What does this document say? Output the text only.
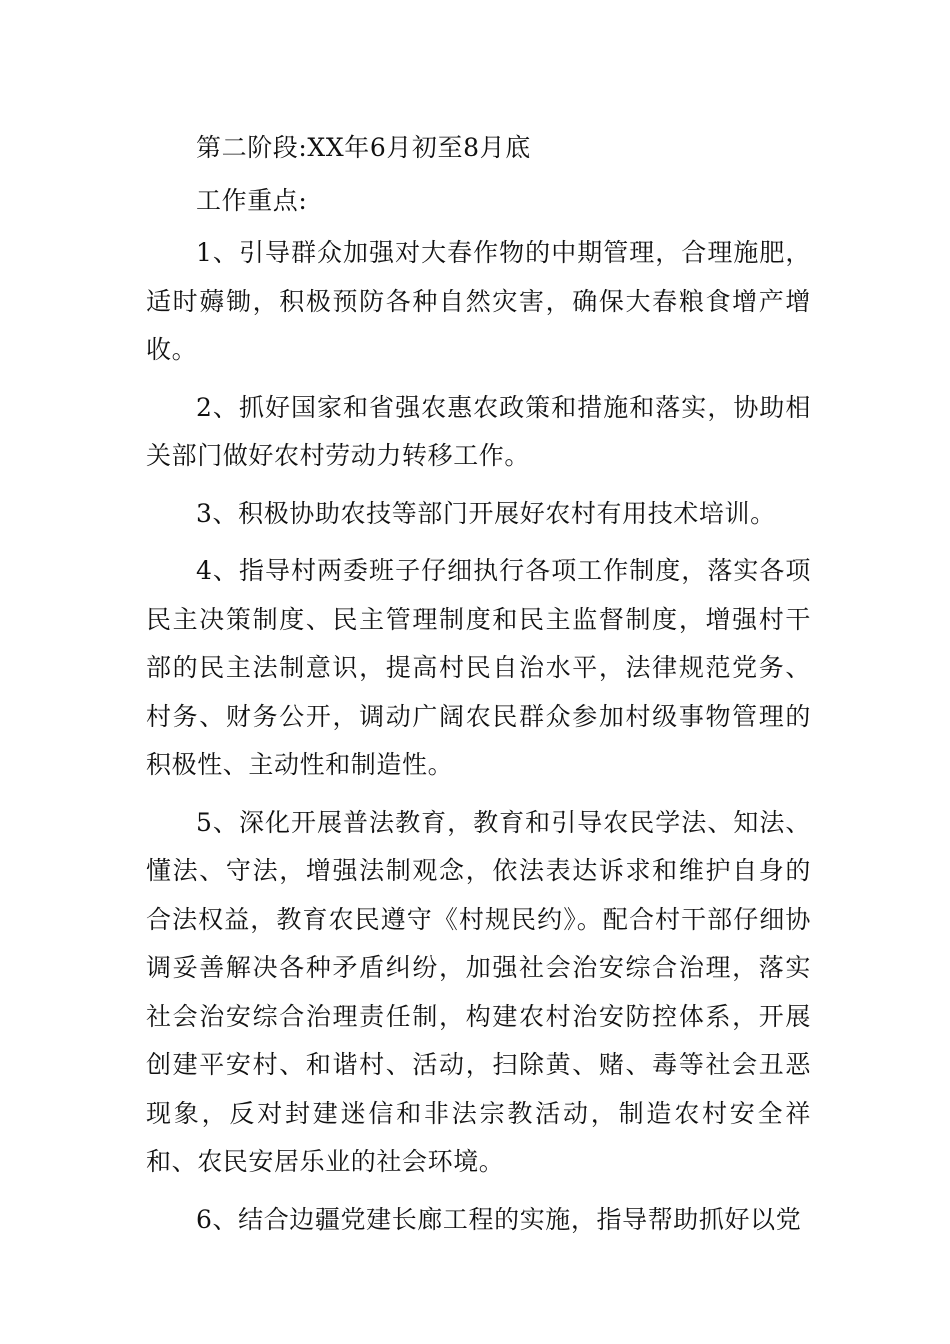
第二阶段:XX年6月初至8月底

工作重点:

1、引导群众加强对大春作物的中期管理，合理施肥，适时薅锄，积极预防各种自然灾害，确保大春粮食增产增收。

2、抓好国家和省强农惠农政策和措施和落实，协助相关部门做好农村劳动力转移工作。

3、积极协助农技等部门开展好农村有用技术培训。

4、指导村两委班子仔细执行各项工作制度，落实各项民主决策制度、民主管理制度和民主监督制度，增强村干部的民主法制意识，提高村民自治水平，法律规范党务、村务、财务公开，调动广阔农民群众参加村级事物管理的积极性、主动性和制造性。

5、深化开展普法教育，教育和引导农民学法、知法、懂法、守法，增强法制观念，依法表达诉求和维护自身的合法权益，教育农民遵守《村规民约》。配合村干部仔细协调妥善解决各种矛盾纠纷，加强社会治安综合治理，落实社会治安综合治理责任制，构建农村治安防控体系，开展创建平安村、和谐村、活动，扫除黄、赌、毒等社会丑恶现象，反对封建迷信和非法宗教活动，制造农村安全祥和、农民安居乐业的社会环境。

6、结合边疆党建长廊工程的实施，指导帮助抓好以党
